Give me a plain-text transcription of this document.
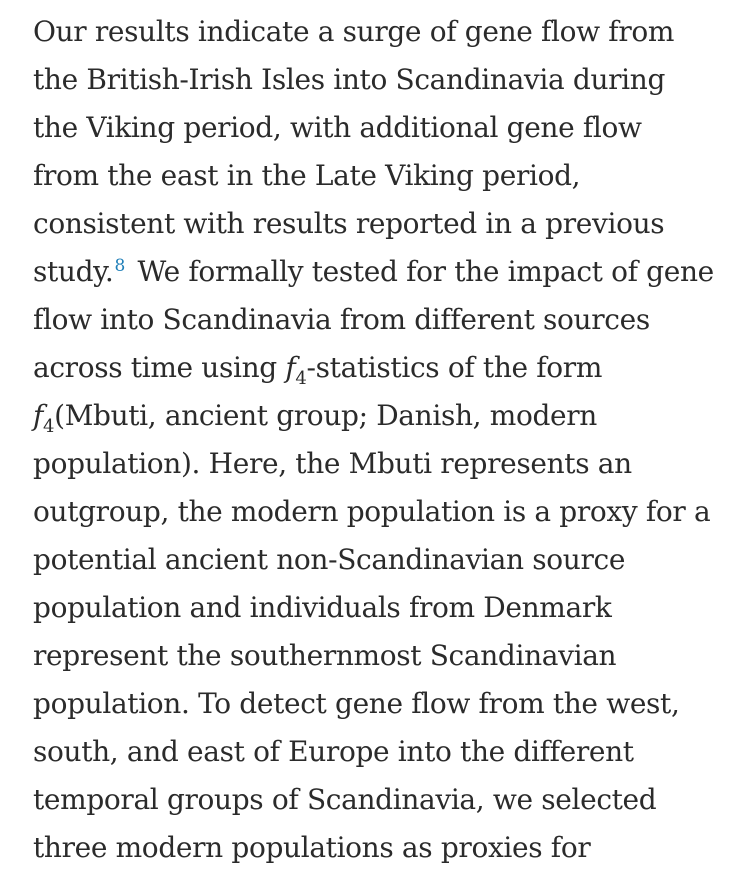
Our results indicate a surge of gene flow from
the British-Irish Isles into Scandinavia during
the Viking period, with additional gene flow
from the east in the Late Viking period,
consistent with results reported in a previous
study.$^8$ We formally tested for the impact of gene
flow into Scandinavia from different sources
across time using $f_4$-statistics of the form
$f_4(Mbuti$, ancient group; Danish, modern
population). Here, the Mbuti represents an
outgroup, the modern population is a proxy for a
potential ancient non-Scandinavian source
population and individuals from Denmark
represent the southernmost Scandinavian
population. To detect gene flow from the west,
south, and east of Europe into the different
temporal groups of Scandinavia, we selected
three modern populations as proxies for
